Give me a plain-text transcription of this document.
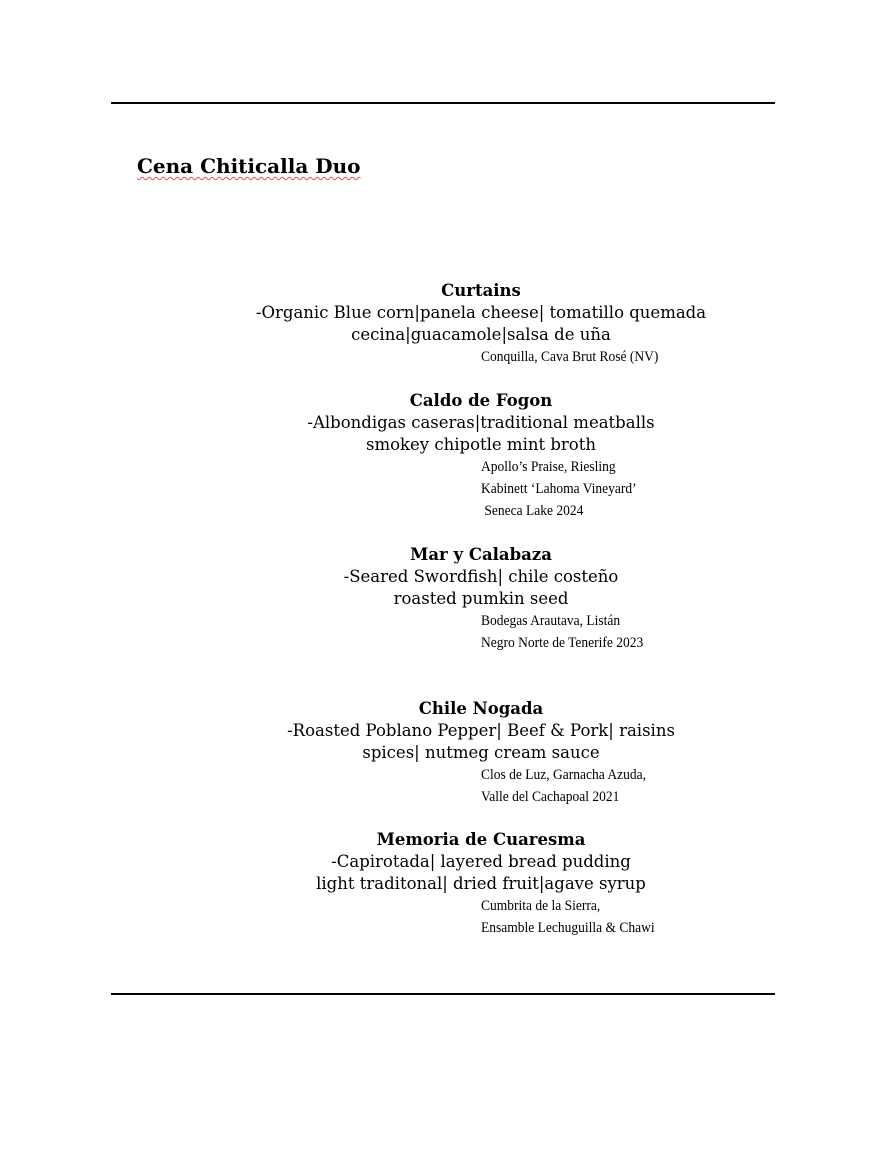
Cena Chiticalla Duo
Curtains
-Organic Blue corn|panela cheese| tomatillo quemada
cecina|guacamole|salsa de uña
Conquilla, Cava Brut Rosé (NV)
Caldo de Fogon
-Albondigas caseras|traditional meatballs
smokey chipotle mint broth
Apollo’s Praise, Riesling
Kabinett ‘Lahoma Vineyard’
Seneca Lake 2024
Mar y Calabaza
-Seared Swordfish| chile costeño
roasted pumkin seed
Bodegas Arautava, Listán
Negro Norte de Tenerife 2023
Chile Nogada
-Roasted Poblano Pepper| Beef & Pork| raisins
spices| nutmeg cream sauce
Clos de Luz, Garnacha Azuda,
Valle del Cachapoal 2021
Memoria de Cuaresma
-Capirotada| layered bread pudding
light traditonal| dried fruit|agave syrup
Cumbrita de la Sierra,
Ensamble Lechuguilla & Chawi
